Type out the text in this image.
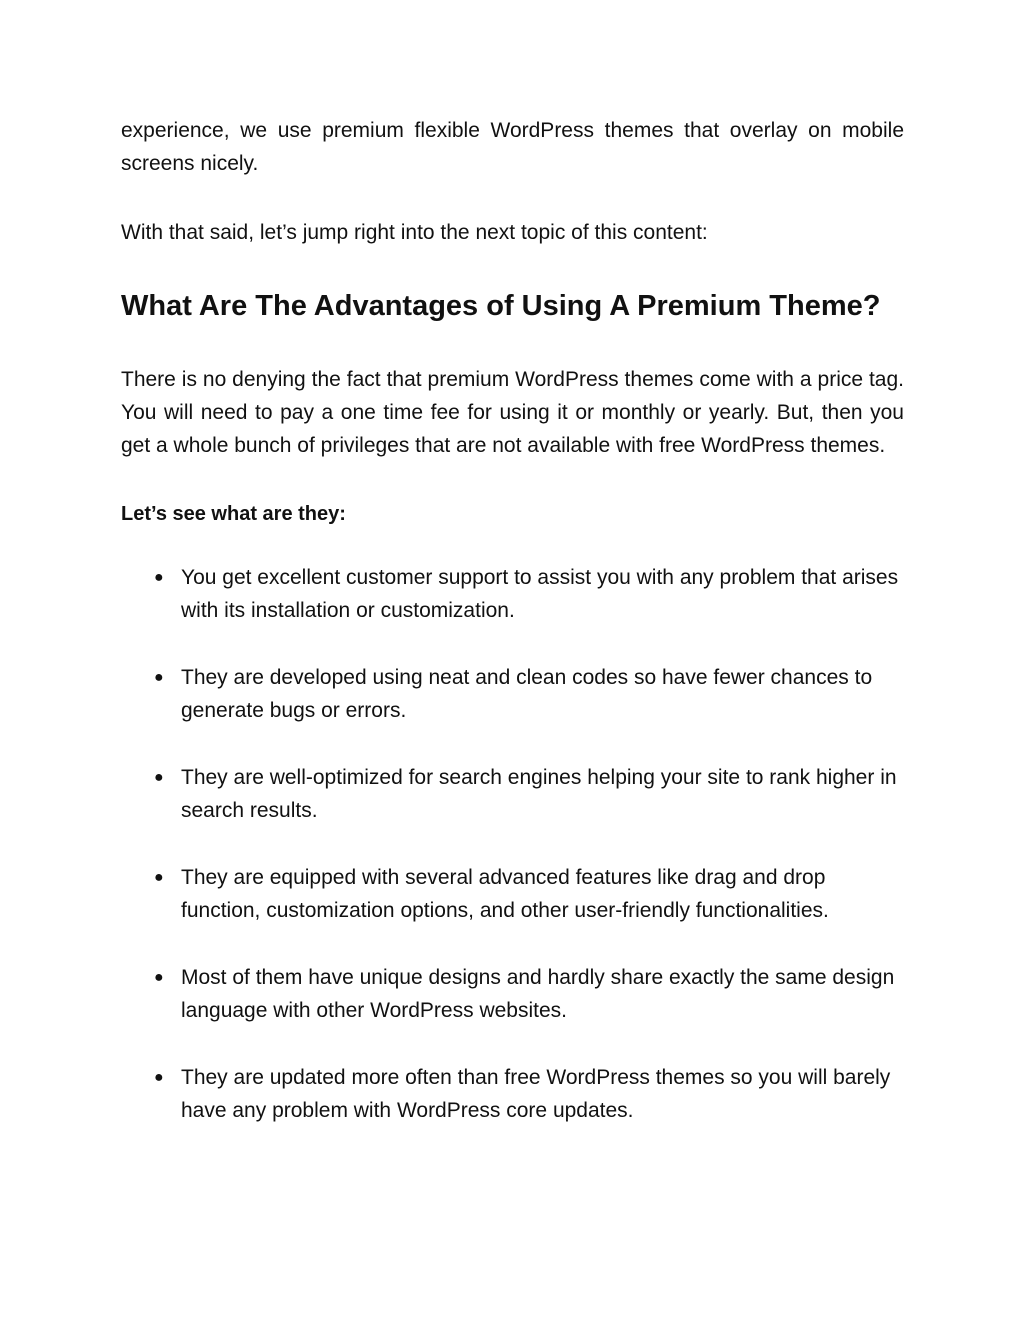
experience, we use premium flexible WordPress themes that overlay on mobile screens nicely.

With that said, let’s jump right into the next topic of this content:

What Are The Advantages of Using A Premium Theme?

There is no denying the fact that premium WordPress themes come with a price tag. You will need to pay a one time fee for using it or monthly or yearly. But, then you get a whole bunch of privileges that are not available with free WordPress themes.

Let’s see what are they:

● You get excellent customer support to assist you with any problem that arises with its installation or customization.
● They are developed using neat and clean codes so have fewer chances to generate bugs or errors.
● They are well-optimized for search engines helping your site to rank higher in search results.
● They are equipped with several advanced features like drag and drop function, customization options, and other user-friendly functionalities.
● Most of them have unique designs and hardly share exactly the same design language with other WordPress websites.
● They are updated more often than free WordPress themes so you will barely have any problem with WordPress core updates.
